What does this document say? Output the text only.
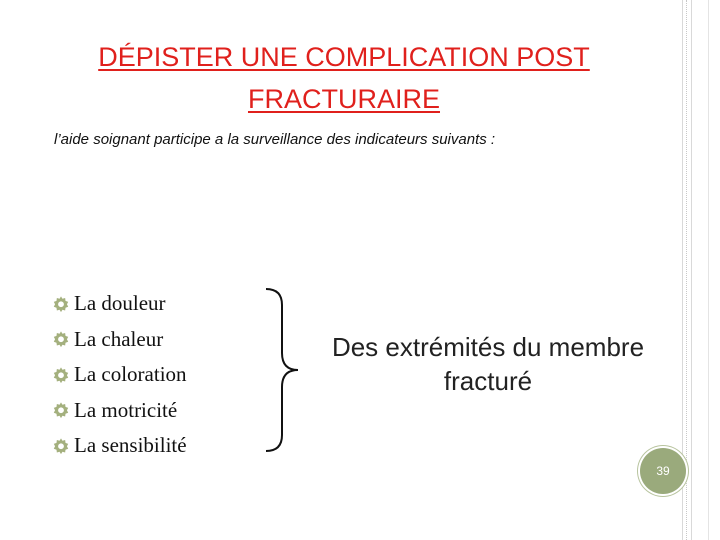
DÉPISTER UNE COMPLICATION POST FRACTURAIRE
l’aide soignant participe a la surveillance des indicateurs suivants :
La douleur
La chaleur
La coloration
La motricité
La sensibilité
Des extrémités du membre fracturé
39
